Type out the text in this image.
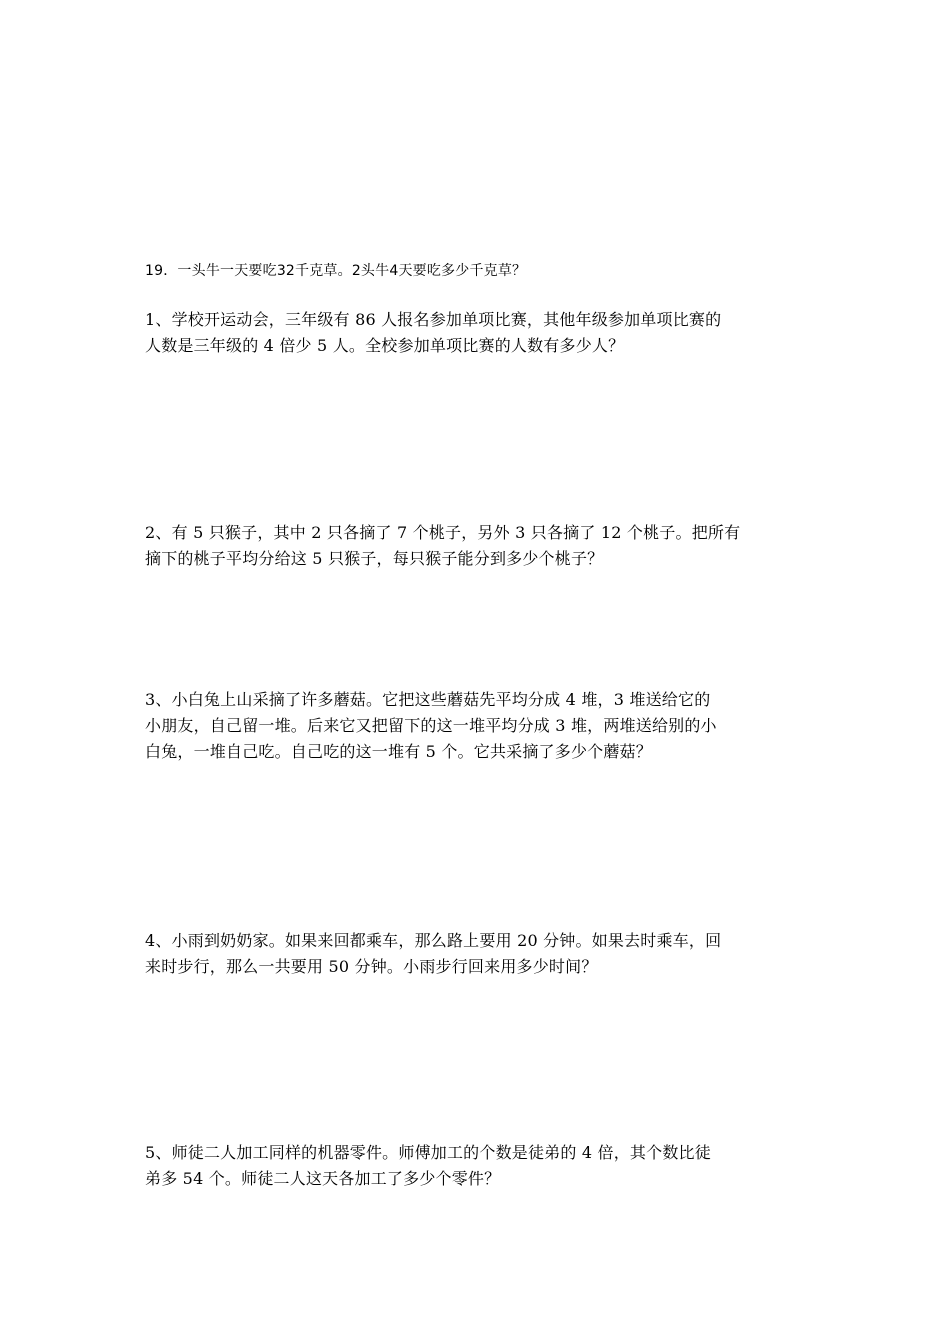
19．一头牛一天要吃32千克草。2头牛4天要吃多少千克草？

1、学校开运动会，三年级有 86 人报名参加单项比赛，其他年级参加单项比赛的
人数是三年级的 4 倍少 5 人。全校参加单项比赛的人数有多少人？

2、有 5 只猴子，其中 2 只各摘了 7 个桃子，另外 3 只各摘了 12 个桃子。把所有
摘下的桃子平均分给这 5 只猴子，每只猴子能分到多少个桃子？

3、小白兔上山采摘了许多蘑菇。它把这些蘑菇先平均分成 4 堆，3 堆送给它的
小朋友，自己留一堆。后来它又把留下的这一堆平均分成 3 堆，两堆送给别的小
白兔，一堆自己吃。自己吃的这一堆有 5 个。它共采摘了多少个蘑菇？

4、小雨到奶奶家。如果来回都乘车，那么路上要用 20 分钟。如果去时乘车，回
来时步行，那么一共要用 50 分钟。小雨步行回来用多少时间？

5、师徒二人加工同样的机器零件。师傅加工的个数是徒弟的 4 倍，其个数比徒
弟多 54 个。师徒二人这天各加工了多少个零件？
